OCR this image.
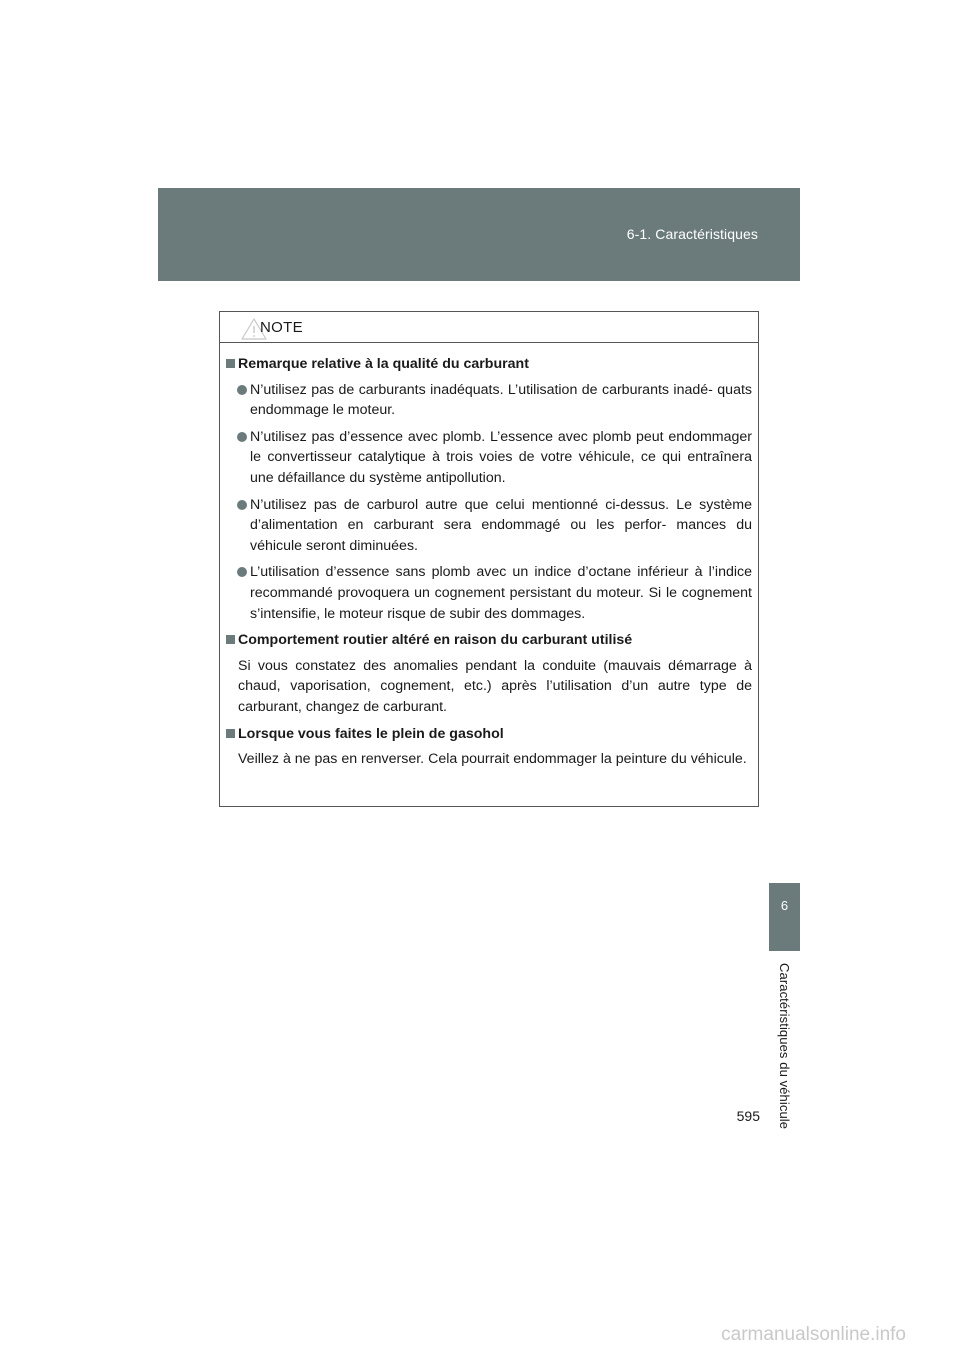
6-1. Caractéristiques
6
Caractéristiques du véhicule
NOTE
Remarque relative à la qualité du carburant
N’utilisez pas de carburants inadéquats. L’utilisation de carburants inadé- quats endommage le moteur.
N’utilisez pas d’essence avec plomb. L’essence avec plomb peut endommager le convertisseur catalytique à trois voies de votre véhicule, ce qui entraînera une défaillance du système antipollution.
N’utilisez pas de carburol autre que celui mentionné ci-dessus. Le système d’alimentation en carburant sera endommagé ou les perfor- mances du véhicule seront diminuées.
L’utilisation d’essence sans plomb avec un indice d’octane inférieur à l’indice recommandé provoquera un cognement persistant du moteur. Si le cognement s’intensifie, le moteur risque de subir des dommages.
Comportement routier altéré en raison du carburant utilisé
Si vous constatez des anomalies pendant la conduite (mauvais démarrage à chaud, vaporisation, cognement, etc.) après l’utilisation d’un autre type de carburant, changez de carburant.
Lorsque vous faites le plein de gasohol
Veillez à ne pas en renverser. Cela pourrait endommager la peinture du véhicule.
595
carmanualsonline.info
